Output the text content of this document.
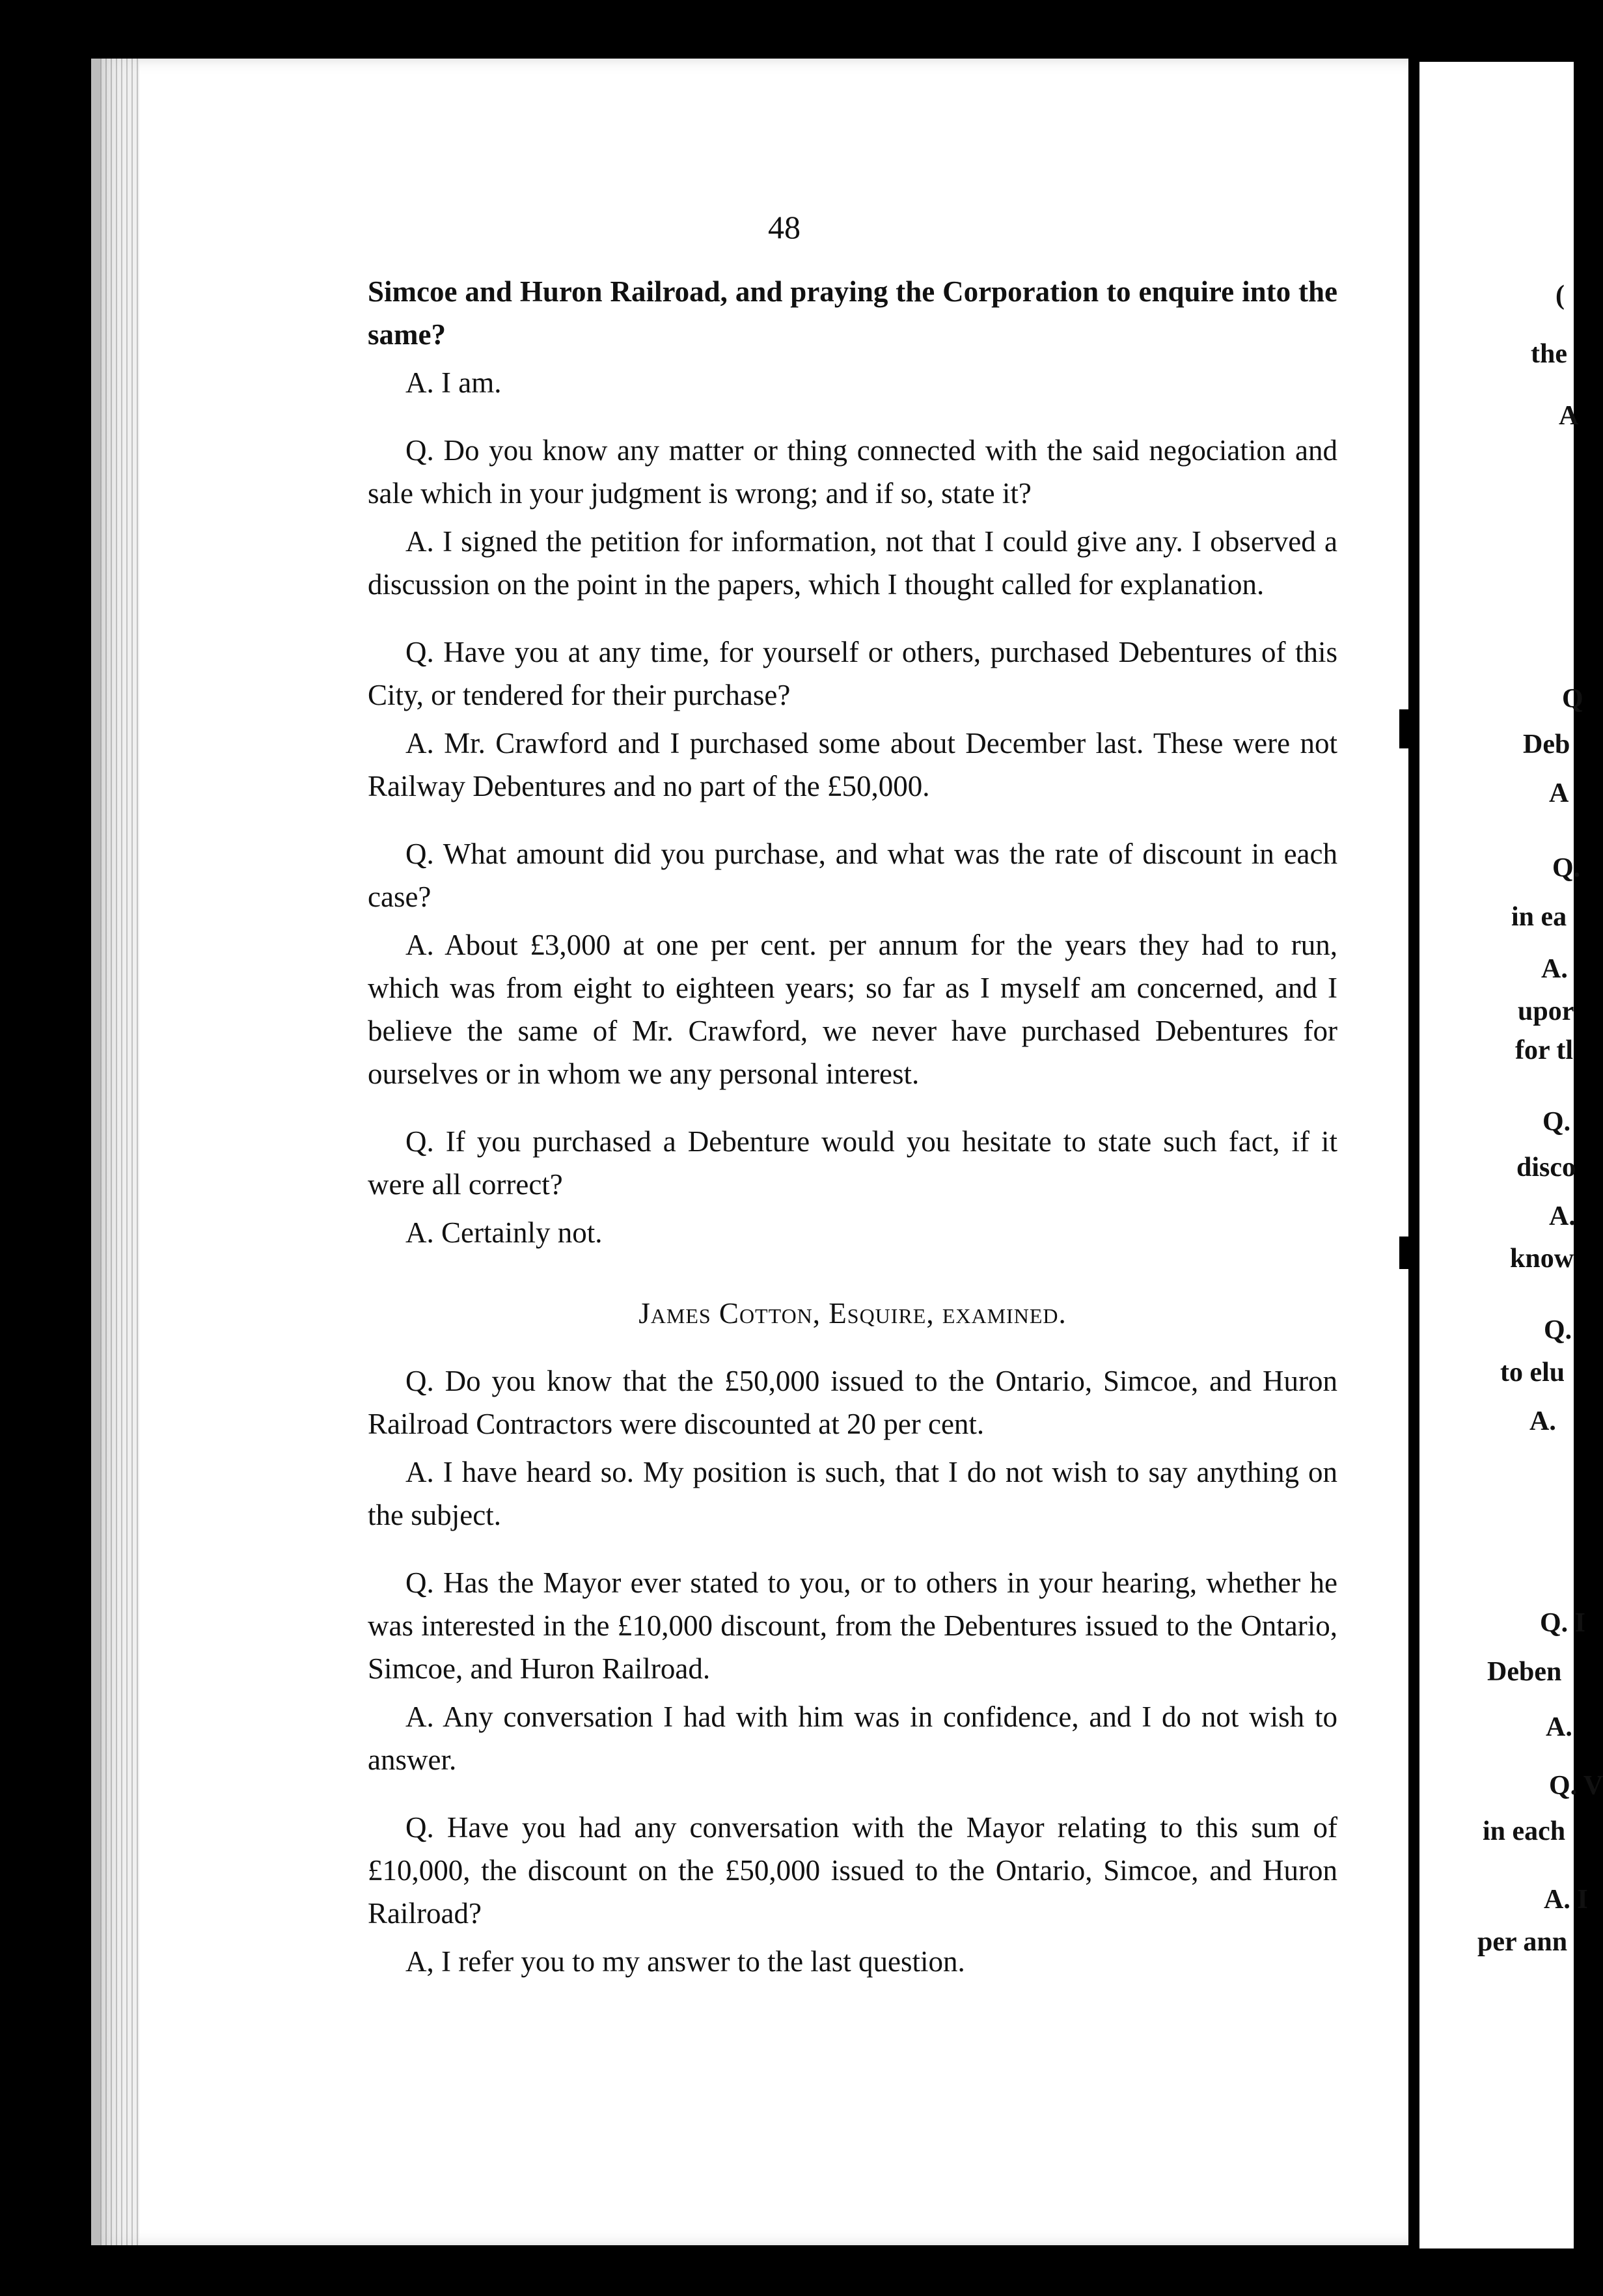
48

Simcoe and Huron Railroad, and praying the Corporation to enquire into the same?

A. I am.

Q. Do you know any matter or thing connected with the said negociation and sale which in your judgment is wrong; and if so, state it?

A. I signed the petition for information, not that I could give any. I observed a discussion on the point in the papers, which I thought called for explanation.

Q. Have you at any time, for yourself or others, purchased Debentures of this City, or tendered for their purchase?

A. Mr. Crawford and I purchased some about December last. These were not Railway Debentures and no part of the £50,000.

Q. What amount did you purchase, and what was the rate of discount in each case?

A. About £3,000 at one per cent. per annum for the years they had to run, which was from eight to eighteen years; so far as I myself am concerned, and I believe the same of Mr. Crawford, we never have purchased Debentures for ourselves or in whom we any personal interest.

Q. If you purchased a Debenture would you hesitate to state such fact, if it were all correct?

A. Certainly not.

James Cotton, Esquire, examined.

Q. Do you know that the £50,000 issued to the Ontario, Simcoe, and Huron Railroad Contractors were discounted at 20 per cent.

A. I have heard so. My position is such, that I do not wish to say anything on the subject.

Q. Has the Mayor ever stated to you, or to others in your hearing, whether he was interested in the £10,000 discount, from the Debentures issued to the Ontario, Simcoe, and Huron Railroad.

A. Any conversation I had with him was in confidence, and I do not wish to answer.

Q. Have you had any conversation with the Mayor relating to this sum of £10,000, the discount on the £50,000 issued to the Ontario, Simcoe, and Huron Railroad?

A, I refer you to my answer to the last question.

(
the
A
Q
Deb
A
Q.
in ea
A.
upor
for tl
Q.
disco
A.
know
Q.
to elu
A.
Q. I
Deben
A.
Q. V
in each
A. I
per ann
